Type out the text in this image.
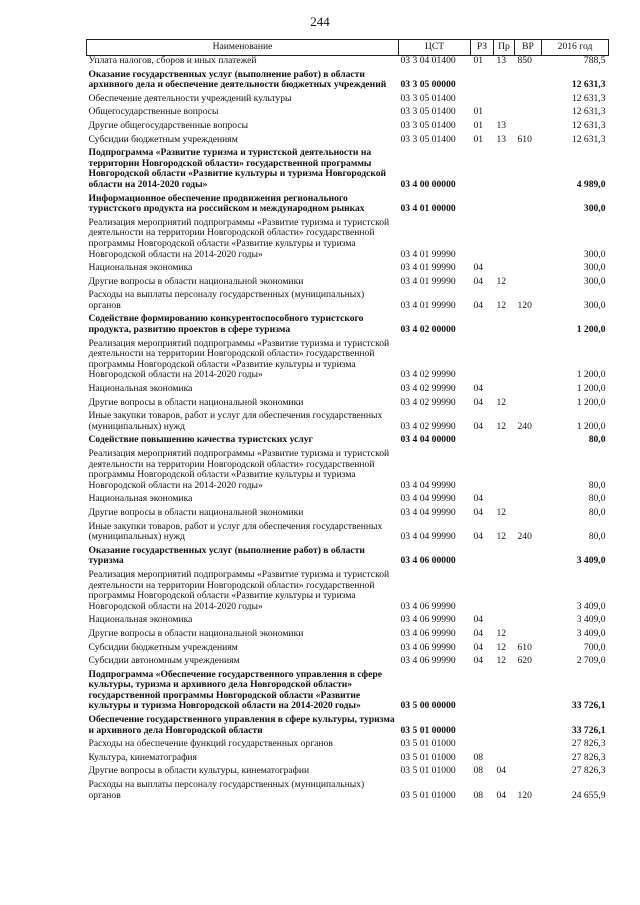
244
Наименование	ЦСТ	РЗ	Пр	ВР	2016 год
Уплата налогов, сборов и иных платежей	03 3 04 01400	01	13	850	788,5
Оказание государственных услуг (выполнение работ) в области архивного дела и обеспечение деятельности бюджетных учреждений	03 3 05 00000				12 631,3
Обеспечение деятельности учреждений культуры	03 3 05 01400				12 631,3
Общегосударственные вопросы	03 3 05 01400	01			12 631,3
Другие общегосударственные вопросы	03 3 05 01400	01	13		12 631,3
Субсидии бюджетным учреждениям	03 3 05 01400	01	13	610	12 631,3
Подпрограмма «Развитие туризма и туристской деятельности на территории Новгородской области» государственной программы Новгородской области «Развитие культуры и туризма Новгородской области на 2014-2020 годы»	03 4 00 00000				4 989,0
Информационное обеспечение продвижения регионального туристского продукта на российском и международном рынках	03 4 01 00000				300,0
Реализация мероприятий подпрограммы «Развитие туризма и туристской деятельности на территории Новгородской области» государственной программы Новгородской области «Развитие культуры и туризма Новгородской области на 2014-2020 годы»	03 4 01 99990				300,0
Национальная экономика	03 4 01 99990	04			300,0
Другие вопросы в области национальной экономики	03 4 01 99990	04	12		300,0
Расходы на выплаты персоналу государственных (муниципальных) органов	03 4 01 99990	04	12	120	300,0
Содействие формированию конкурентоспособного туристского продукта, развитию проектов в сфере туризма	03 4 02 00000				1 200,0
Реализация мероприятий подпрограммы «Развитие туризма и туристской деятельности на территории Новгородской области» государственной программы Новгородской области «Развитие культуры и туризма Новгородской области на 2014-2020 годы»	03 4 02 99990				1 200,0
Национальная экономика	03 4 02 99990	04			1 200,0
Другие вопросы в области национальной экономики	03 4 02 99990	04	12		1 200,0
Иные закупки товаров, работ и услуг для обеспечения государственных (муниципальных) нужд	03 4 02 99990	04	12	240	1 200,0
Содействие повышению качества туристских услуг	03 4 04 00000				80,0
Реализация мероприятий подпрограммы «Развитие туризма и туристской деятельности на территории Новгородской области» государственной программы Новгородской области «Развитие культуры и туризма Новгородской области на 2014-2020 годы»	03 4 04 99990				80,0
Национальная экономика	03 4 04 99990	04			80,0
Другие вопросы в области национальной экономики	03 4 04 99990	04	12		80,0
Иные закупки товаров, работ и услуг для обеспечения государственных (муниципальных) нужд	03 4 04 99990	04	12	240	80,0
Оказание государственных услуг (выполнение работ) в области туризма	03 4 06 00000				3 409,0
Реализация мероприятий подпрограммы «Развитие туризма и туристской деятельности на территории Новгородской области» государственной программы Новгородской области «Развитие культуры и туризма Новгородской области на 2014-2020 годы»	03 4 06 99990				3 409,0
Национальная экономика	03 4 06 99990	04			3 409,0
Другие вопросы в области национальной экономики	03 4 06 99990	04	12		3 409,0
Субсидии бюджетным учреждениям	03 4 06 99990	04	12	610	700,0
Субсидии автономным учреждениям	03 4 06 99990	04	12	620	2 709,0
Подпрограмма «Обеспечение государственного управления в сфере культуры, туризма и архивного дела Новгородской области» государственной программы Новгородской области «Развитие культуры и туризма Новгородской области на 2014-2020 годы»	03 5 00 00000				33 726,1
Обеспечение государственного управления в сфере культуры, туризма и архивного дела Новгородской области	03 5 01 00000				33 726,1
Расходы на обеспечение функций государственных органов	03 5 01 01000				27 826,3
Культура, кинематография	03 5 01 01000	08			27 826,3
Другие вопросы в области культуры, кинематографии	03 5 01 01000	08	04		27 826,3
Расходы на выплаты персоналу государственных (муниципальных) органов	03 5 01 01000	08	04	120	24 655,9
